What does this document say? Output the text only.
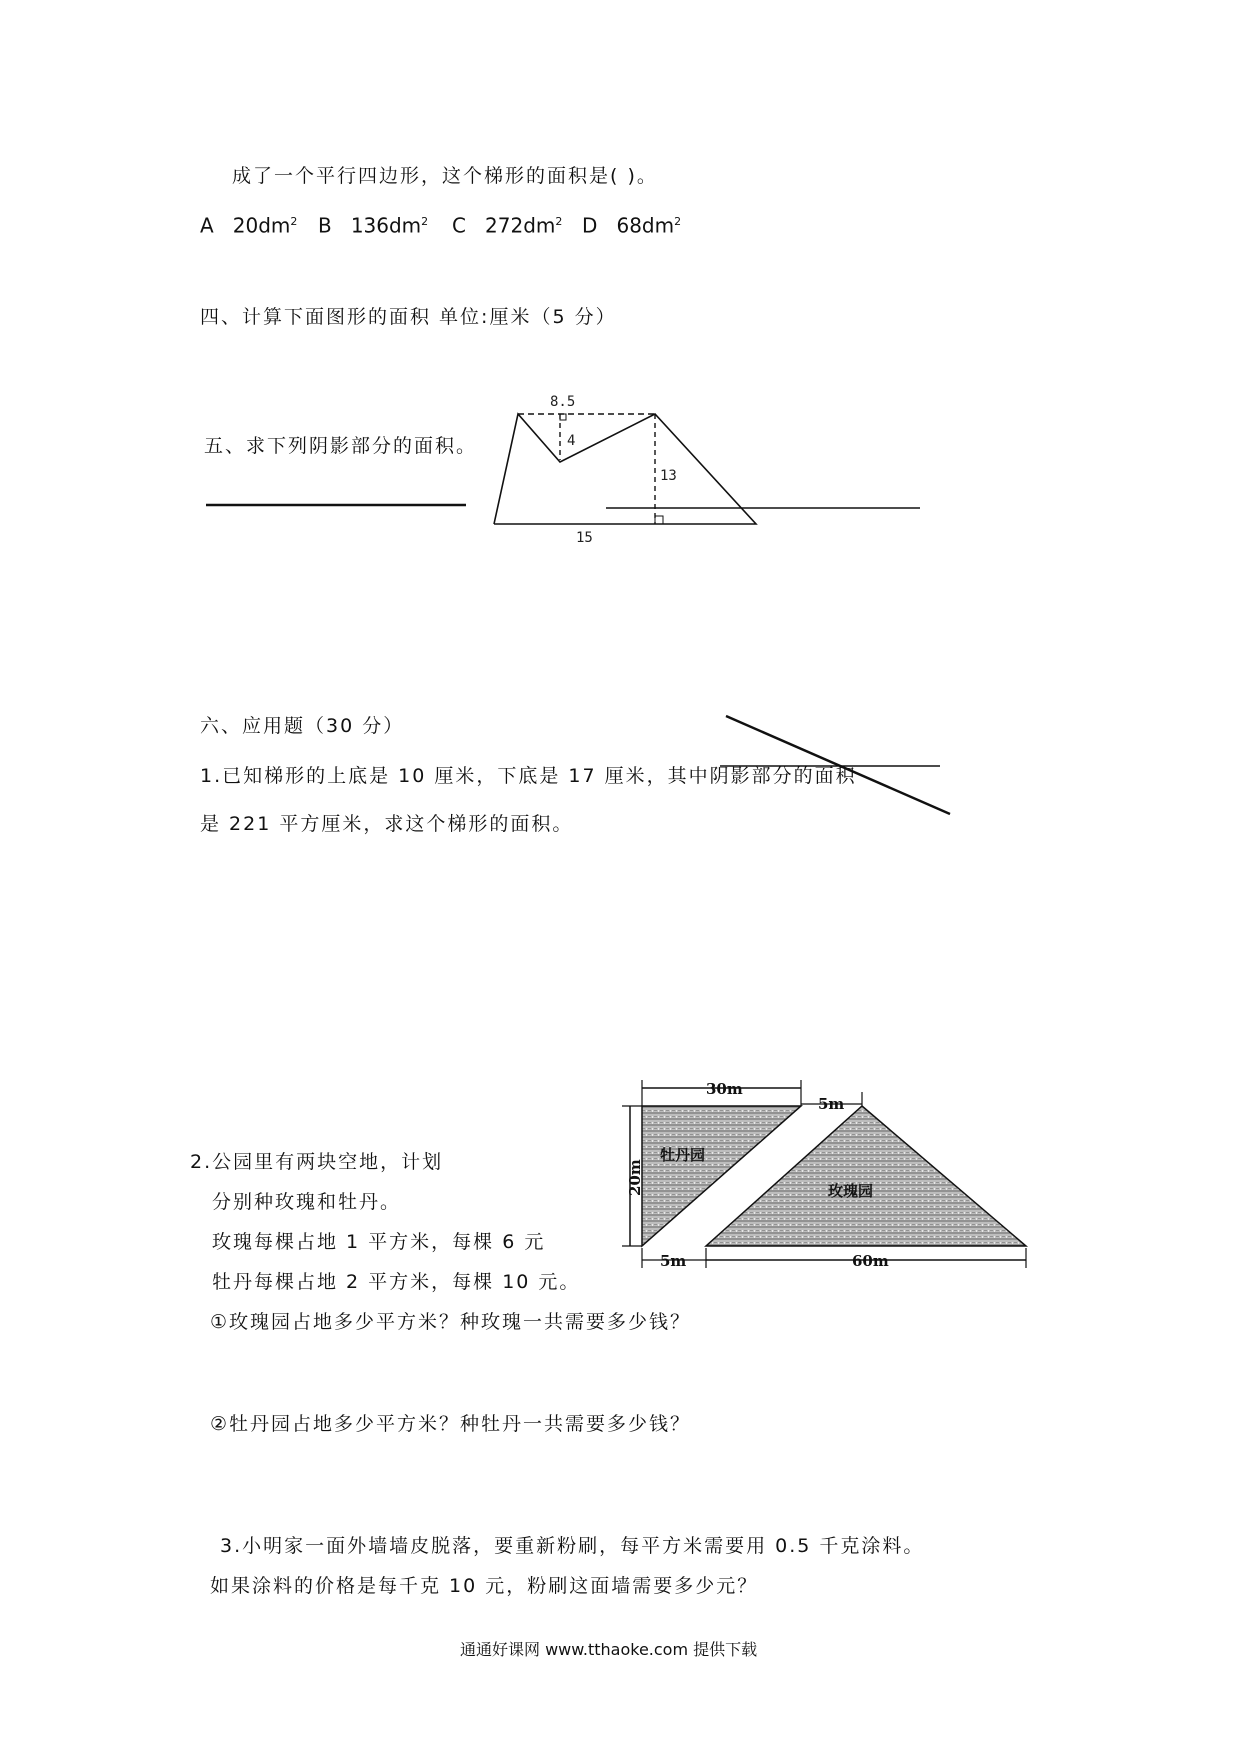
成了一个平行四边形，这个梯形的面积是( )。
A $20dm^2$ B $136dm^2$ C $272dm^2$ D $68dm^2$
四、计算下面图形的面积 单位:厘米（5 分）
五、求下列阴影部分的面积。
8.5
4
13
15
六、应用题（30 分）
1.已知梯形的上底是 10 厘米，下底是 17 厘米，其中阴影部分的面积
是 221 平方厘米，求这个梯形的面积。
2.公园里有两块空地，计划
分别种玫瑰和牡丹。
玫瑰每棵占地 1 平方米，每棵 6 元
牡丹每棵占地 2 平方米，每棵 10 元。
①玫瑰园占地多少平方米？种玫瑰一共需要多少钱？
②牡丹园占地多少平方米？种牡丹一共需要多少钱？
30m
5m
20m
5m	60m
牡丹园
玫瑰园
3.小明家一面外墙墙皮脱落，要重新粉刷，每平方米需要用 0.5 千克涂料。
如果涂料的价格是每千克 10 元，粉刷这面墙需要多少元？
通通好课网 www.tthaoke.com 提供下载
